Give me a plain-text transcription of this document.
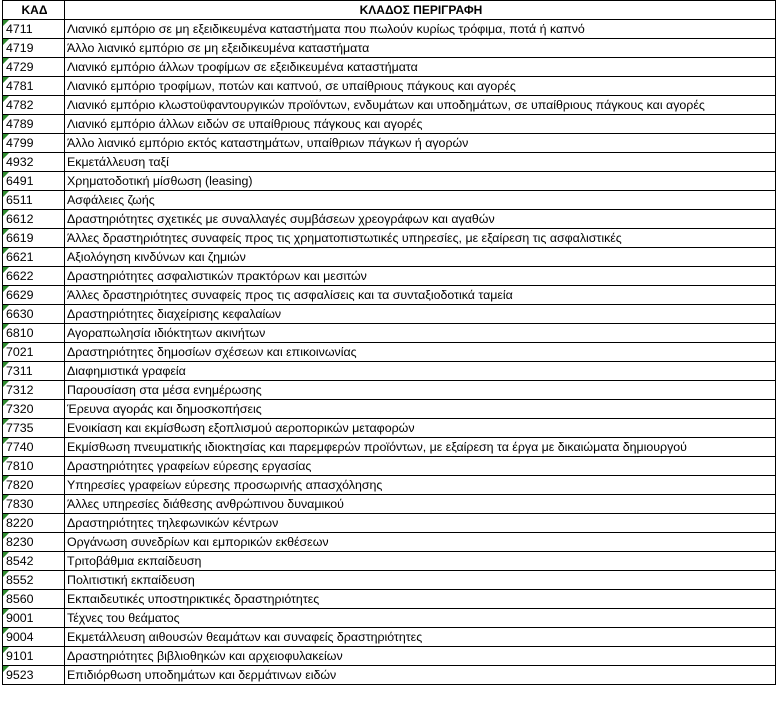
ΚΑΔ	ΚΛΑΔΟΣ ΠΕΡΙΓΡΑΦΗ

4711	Λιανικό εμπόριο σε μη εξειδικευμένα καταστήματα που πωλούν κυρίως τρόφιμα, ποτά ή καπνό

4719	Άλλο λιανικό εμπόριο σε μη εξειδικευμένα καταστήματα

4729	Λιανικό εμπόριο άλλων τροφίμων σε εξειδικευμένα καταστήματα

4781	Λιανικό εμπόριο τροφίμων, ποτών και καπνού, σε υπαίθριους πάγκους και αγορές

4782	Λιανικό εμπόριο κλωστοϋφαντουργικών προϊόντων, ενδυμάτων και υποδημάτων, σε υπαίθριους πάγκους και αγορές

4789	Λιανικό εμπόριο άλλων ειδών σε υπαίθριους πάγκους και αγορές

4799	Άλλο λιανικό εμπόριο εκτός καταστημάτων, υπαίθριων πάγκων ή αγορών

4932	Εκμετάλλευση ταξί

6491	Χρηματοδοτική μίσθωση (leasing)

6511	Ασφάλειες ζωής

6612	Δραστηριότητες σχετικές με συναλλαγές συμβάσεων χρεογράφων και αγαθών

6619	Άλλες δραστηριότητες συναφείς προς τις χρηματοπιστωτικές υπηρεσίες, με εξαίρεση τις ασφαλιστικές

6621	Αξιολόγηση κινδύνων και ζημιών

6622	Δραστηριότητες ασφαλιστικών πρακτόρων και μεσιτών

6629	Άλλες δραστηριότητες συναφείς προς τις ασφαλίσεις και τα συνταξιοδοτικά ταμεία

6630	Δραστηριότητες διαχείρισης κεφαλαίων

6810	Αγοραπωλησία ιδιόκτητων ακινήτων

7021	Δραστηριότητες δημοσίων σχέσεων και επικοινωνίας

7311	Διαφημιστικά γραφεία

7312	Παρουσίαση στα μέσα ενημέρωσης

7320	Έρευνα αγοράς και δημοσκοπήσεις

7735	Ενοικίαση και εκμίσθωση εξοπλισμού αεροπορικών μεταφορών

7740	Εκμίσθωση πνευματικής ιδιοκτησίας και παρεμφερών προϊόντων, με εξαίρεση τα έργα με δικαιώματα δημιουργού

7810	Δραστηριότητες γραφείων εύρεσης εργασίας

7820	Υπηρεσίες γραφείων εύρεσης προσωρινής απασχόλησης

7830	Άλλες υπηρεσίες διάθεσης ανθρώπινου δυναμικού

8220	Δραστηριότητες τηλεφωνικών κέντρων

8230	Οργάνωση συνεδρίων και εμπορικών εκθέσεων

8542	Τριτοβάθμια εκπαίδευση

8552	Πολιτιστική εκπαίδευση

8560	Εκπαιδευτικές υποστηρικτικές δραστηριότητες

9001	Τέχνες του θεάματος

9004	Εκμετάλλευση αιθουσών θεαμάτων και συναφείς δραστηριότητες

9101	Δραστηριότητες βιβλιοθηκών και αρχειοφυλακείων

9523	Επιδιόρθωση υποδημάτων και δερμάτινων ειδών
